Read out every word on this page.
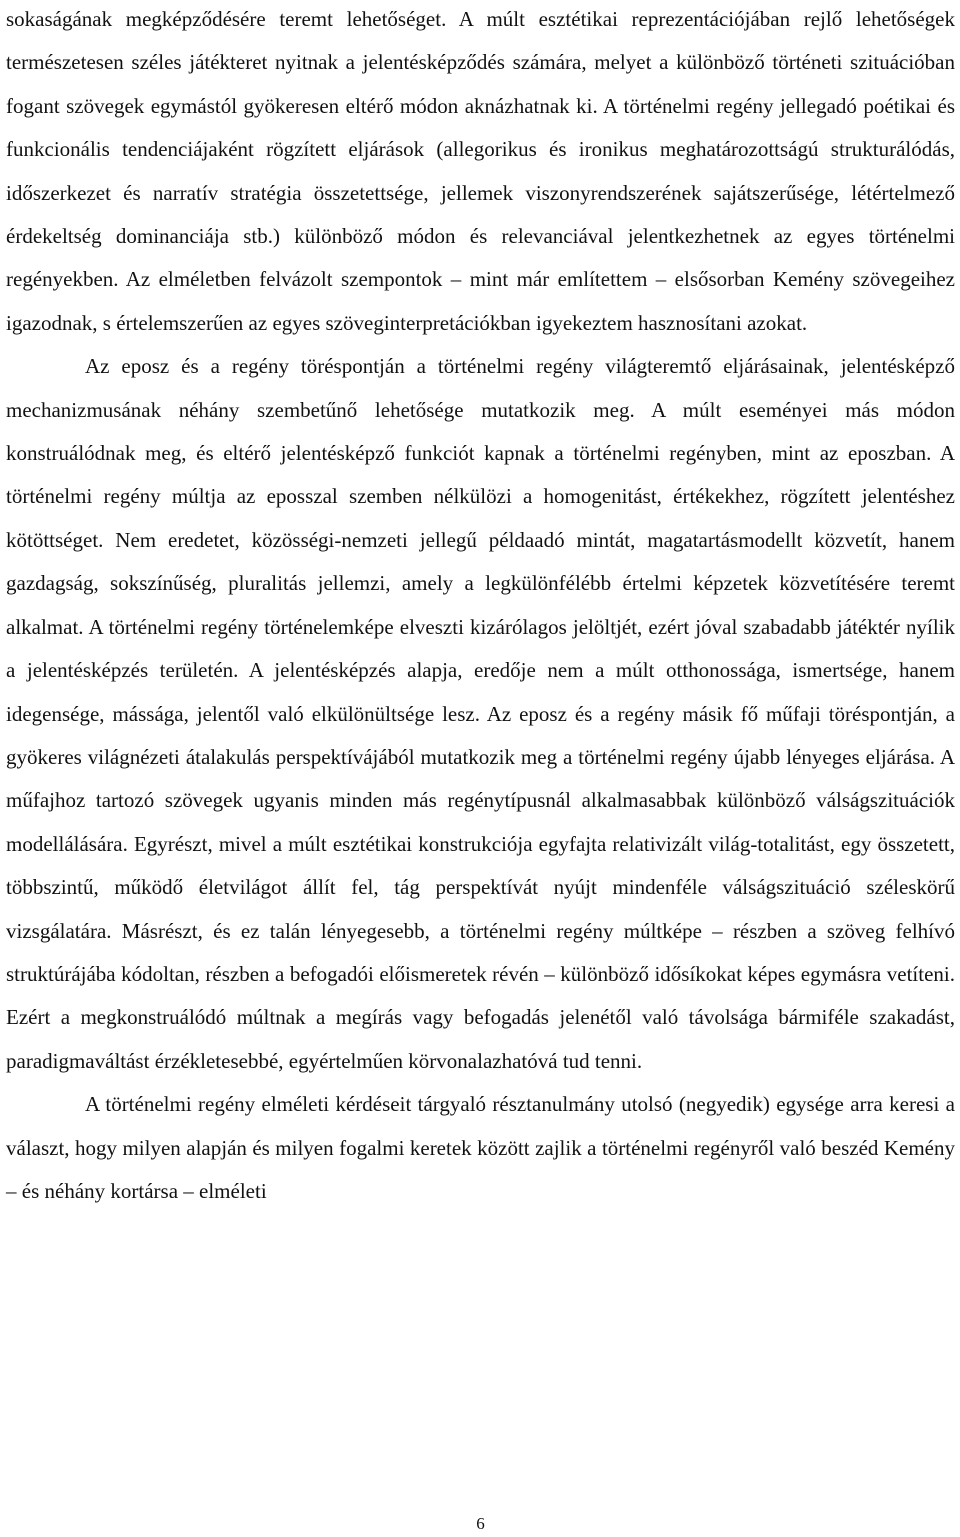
sokaságának megképződésére teremt lehetőséget. A múlt esztétikai reprezentációjában rejlő lehetőségek természetesen széles játékteret nyitnak a jelentésképződés számára, melyet a különböző történeti szituációban fogant szövegek egymástól gyökeresen eltérő módon aknázhatnak ki. A történelmi regény jellegadó poétikai és funkcionális tendenciájaként rögzített eljárások (allegorikus és ironikus meghatározottságú strukturálódás, időszerkezet és narratív stratégia összetettsége, jellemek viszonyrendszerének sajátszerűsége, létértelmező érdekeltség dominanciája stb.) különböző módon és relevanciával jelentkezhetnek az egyes történelmi regényekben. Az elméletben felvázolt szempontok – mint már említettem – elsősorban Kemény szövegeihez igazodnak, s értelemszerűen az egyes szöveginterpretációkban igyekeztem hasznosítani azokat.

Az eposz és a regény töréspontján a történelmi regény világteremtő eljárásainak, jelentésképző mechanizmusának néhány szembetűnő lehetősége mutatkozik meg. A múlt eseményei más módon konstruálódnak meg, és eltérő jelentésképző funkciót kapnak a történelmi regényben, mint az eposzban. A történelmi regény múltja az eposszal szemben nélkülözi a homogenitást, értékekhez, rögzített jelentéshez kötöttséget. Nem eredetet, közösségi-nemzeti jellegű példaadó mintát, magatartásmodellt közvetít, hanem gazdagság, sokszínűség, pluralitás jellemzi, amely a legkülönfélébb értelmi képzetek közvetítésére teremt alkalmat. A történelmi regény történelemképe elveszti kizárólagos jelöltjét, ezért jóval szabadabb játéktér nyílik a jelentésképzés területén. A jelentésképzés alapja, eredője nem a múlt otthonossága, ismertsége, hanem idegensége, mássága, jelentől való elkülönültsége lesz. Az eposz és a regény másik fő műfaji töréspontján, a gyökeres világnézeti átalakulás perspektívájából mutatkozik meg a történelmi regény újabb lényeges eljárása. A műfajhoz tartozó szövegek ugyanis minden más regénytípusnál alkalmasabbak különböző válságszituációk modellálására. Egyrészt, mivel a múlt esztétikai konstrukciója egyfajta relativizált világ-totalitást, egy összetett, többszintű, működő életvilágot állít fel, tág perspektívát nyújt mindenféle válságszituáció széleskörű vizsgálatára. Másrészt, és ez talán lényegesebb, a történelmi regény múltképe – részben a szöveg felhívó struktúrájába kódoltan, részben a befogadói előismeretek révén – különböző idősíkokat képes egymásra vetíteni. Ezért a megkonstruálódó múltnak a megírás vagy befogadás jelenétől való távolsága bármiféle szakadást, paradigmaváltást érzékletesebbé, egyértelműen körvonalazhatóvá tud tenni.

A történelmi regény elméleti kérdéseit tárgyaló résztanulmány utolsó (negyedik) egysége arra keresi a választ, hogy milyen alapján és milyen fogalmi keretek között zajlik a történelmi regényről való beszéd Kemény – és néhány kortársa – elméleti

6
